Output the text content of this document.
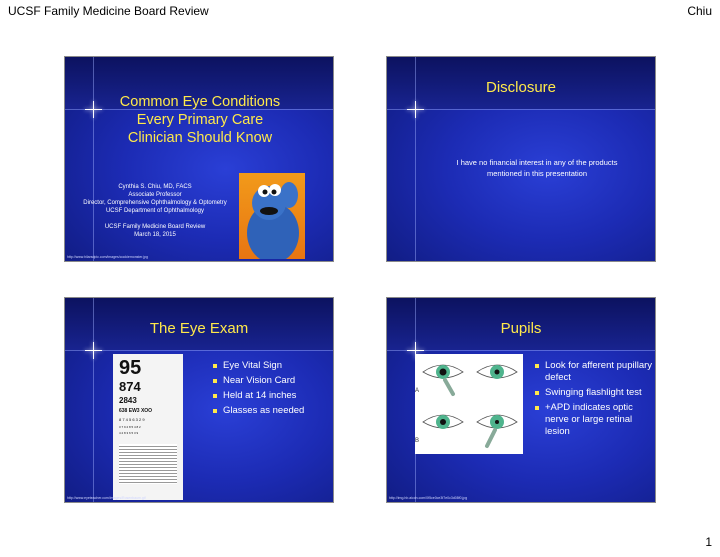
UCSF Family Medicine Board Review	Chiu
Common Eye Conditions
Every Primary Care
Clinician Should Know
Cynthia S. Chiu, MD, FACS
Associate Professor
Director, Comprehensive Ophthalmology & Optometry
UCSF Department of Ophthalmology
UCSF Family Medicine Board Review
March 18, 2015
http://www.hilarsdpic.com/images/cookiemonster.jpg
Disclosure
I have no financial interest in any of the products mentioned in this presentation
The Eye Exam
95
874
2843
638 EW3 XOO
8 7 4 5 6 3 2 9
3 7 9 2 8 5 4 8 2
4 2 8 3 6 5 3 9
Eye Vital Sign
Near Vision Card
Held at 14 inches
Glasses as needed
http://www.eyeteacher.com/images/Rosenbaum.gif
Pupils
A
B
Look for afferent pupillary defect
Swinging flashlight test
+APD indicates optic nerve or large retinal lesion
http://img.hb.aicdn.com/0f5ce0ce3f7e0c3d08f0.jpg
1
